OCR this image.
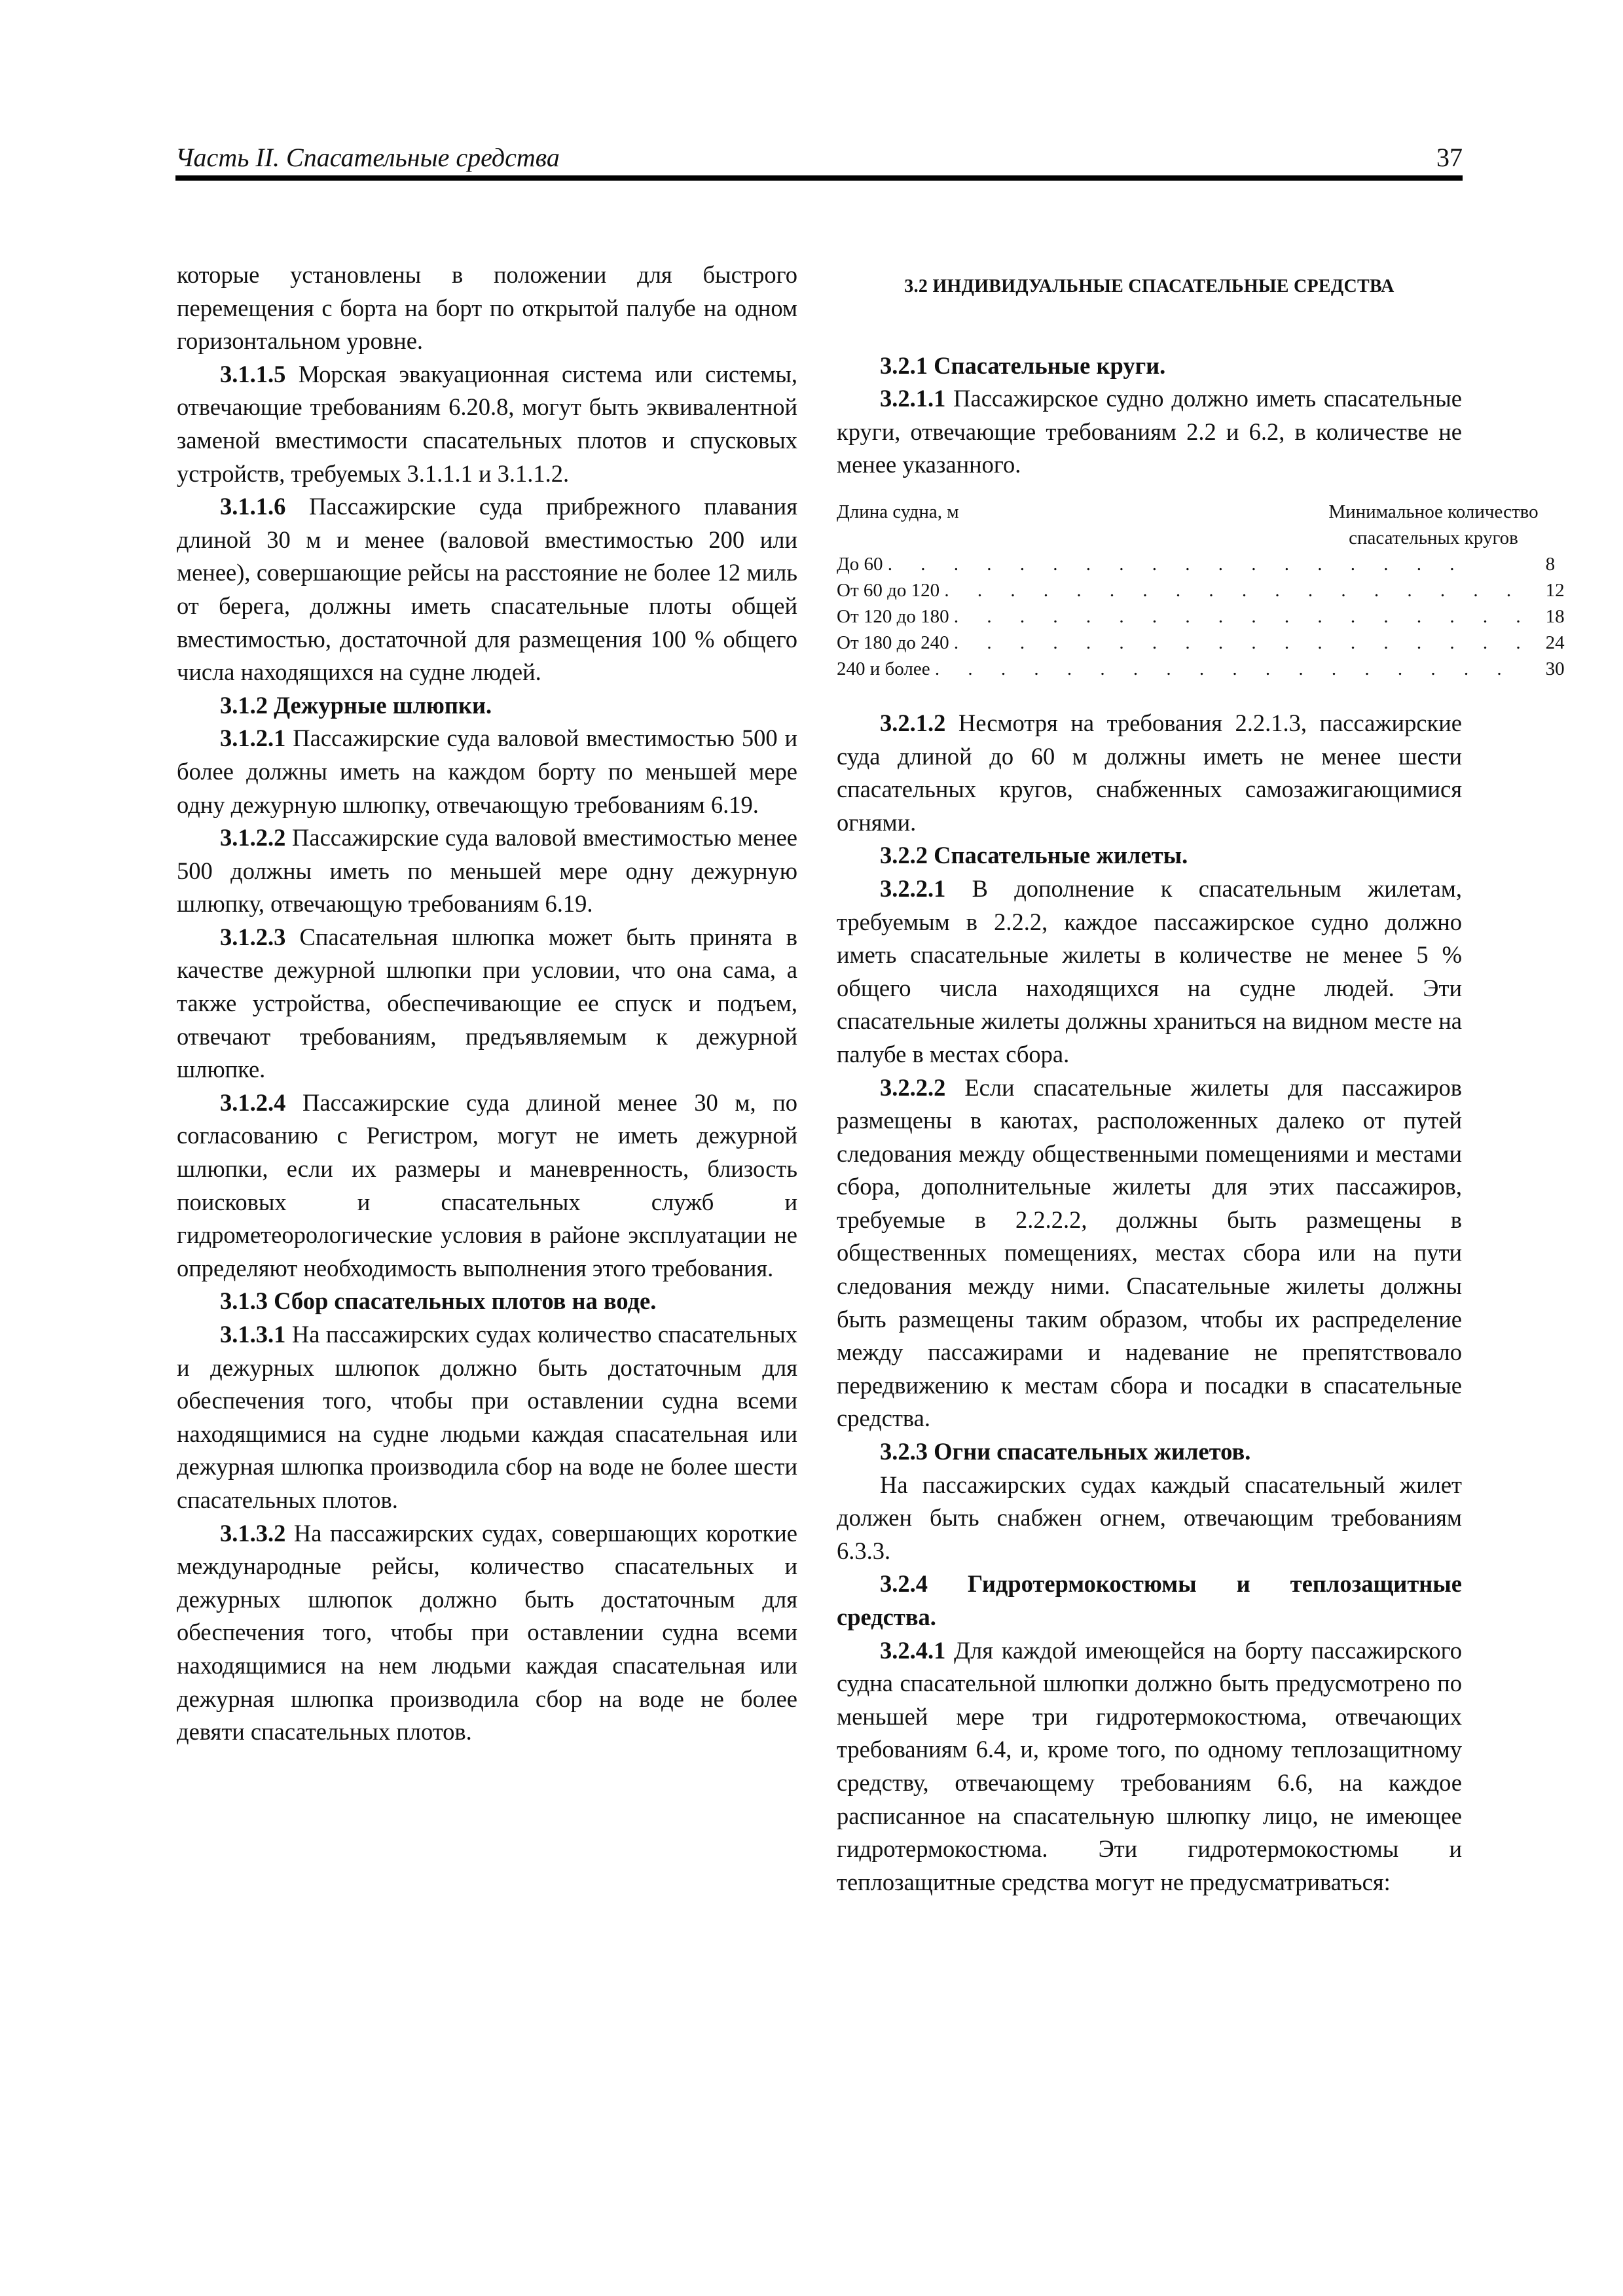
Часть II. Спасательные средства	37

которые установлены в положении для быстрого перемещения с борта на борт по открытой палубе на одном горизонтальном уровне.

3.1.1.5 Морская эвакуационная система или системы, отвечающие требованиям 6.20.8, могут быть эквивалентной заменой вместимости спасательных плотов и спусковых устройств, требуемых 3.1.1.1 и 3.1.1.2.

3.1.1.6 Пассажирские суда прибрежного плавания длиной 30 м и менее (валовой вместимостью 200 или менее), совершающие рейсы на расстояние не более 12 миль от берега, должны иметь спасательные плоты общей вместимостью, достаточной для размещения 100 % общего числа находящихся на судне людей.

3.1.2 Дежурные шлюпки.

3.1.2.1 Пассажирские суда валовой вместимостью 500 и более должны иметь на каждом борту по меньшей мере одну дежурную шлюпку, отвечающую требованиям 6.19.

3.1.2.2 Пассажирские суда валовой вместимостью менее 500 должны иметь по меньшей мере одну дежурную шлюпку, отвечающую требованиям 6.19.

3.1.2.3 Спасательная шлюпка может быть принята в качестве дежурной шлюпки при условии, что она сама, а также устройства, обеспечивающие ее спуск и подъем, отвечают требованиям, предъявляемым к дежурной шлюпке.

3.1.2.4 Пассажирские суда длиной менее 30 м, по согласованию с Регистром, могут не иметь дежурной шлюпки, если их размеры и маневренность, близость поисковых и спасательных служб и гидрометеорологические условия в районе эксплуатации не определяют необходимость выполнения этого требования.

3.1.3 Сбор спасательных плотов на воде.

3.1.3.1 На пассажирских судах количество спасательных и дежурных шлюпок должно быть достаточным для обеспечения того, чтобы при оставлении судна всеми находящимися на судне людьми каждая спасательная или дежурная шлюпка производила сбор на воде не более шести спасательных плотов.

3.1.3.2 На пассажирских судах, совершающих короткие международные рейсы, количество спасательных и дежурных шлюпок должно быть достаточным для обеспечения того, чтобы при оставлении судна всеми находящимися на нем людьми каждая спасательная или дежурная шлюпка производила сбор на воде не более девяти спасательных плотов.

3.2 ИНДИВИДУАЛЬНЫЕ СПАСАТЕЛЬНЫЕ СРЕДСТВА

3.2.1 Спасательные круги.

3.2.1.1 Пассажирское судно должно иметь спасательные круги, отвечающие требованиям 2.2 и 6.2, в количестве не менее указанного.

Длина судна, м	Минимальное количество
спасательных кругов

До 60 . . . . . . . . . . . . . . . . . .	8
От 60 до 120 . . . . . . . . . . . . . . . . . .	12
От 120 до 180 . . . . . . . . . . . . . . . . . .	18
От 180 до 240 . . . . . . . . . . . . . . . . . .	24
240 и более . . . . . . . . . . . . . . . . . .	30

3.2.1.2 Несмотря на требования 2.2.1.3, пассажирские суда длиной до 60 м должны иметь не менее шести спасательных кругов, снабженных самозажигающимися огнями.

3.2.2 Спасательные жилеты.

3.2.2.1 В дополнение к спасательным жилетам, требуемым в 2.2.2, каждое пассажирское судно должно иметь спасательные жилеты в количестве не менее 5 % общего числа находящихся на судне людей. Эти спасательные жилеты должны храниться на видном месте на палубе в местах сбора.

3.2.2.2 Если спасательные жилеты для пассажиров размещены в каютах, расположенных далеко от путей следования между общественными помещениями и местами сбора, дополнительные жилеты для этих пассажиров, требуемые в 2.2.2.2, должны быть размещены в общественных помещениях, местах сбора или на пути следования между ними. Спасательные жилеты должны быть размещены таким образом, чтобы их распределение между пассажирами и надевание не препятствовало передвижению к местам сбора и посадки в спасательные средства.

3.2.3 Огни спасательных жилетов.

На пассажирских судах каждый спасательный жилет должен быть снабжен огнем, отвечающим требованиям 6.3.3.

3.2.4 Гидротермокостюмы и теплозащитные средства.

3.2.4.1 Для каждой имеющейся на борту пассажирского судна спасательной шлюпки должно быть предусмотрено по меньшей мере три гидротермокостюма, отвечающих требованиям 6.4, и, кроме того, по одному теплозащитному средству, отвечающему требованиям 6.6, на каждое расписанное на спасательную шлюпку лицо, не имеющее гидротермокостюма. Эти гидротермокостюмы и теплозащитные средства могут не предусматриваться:
